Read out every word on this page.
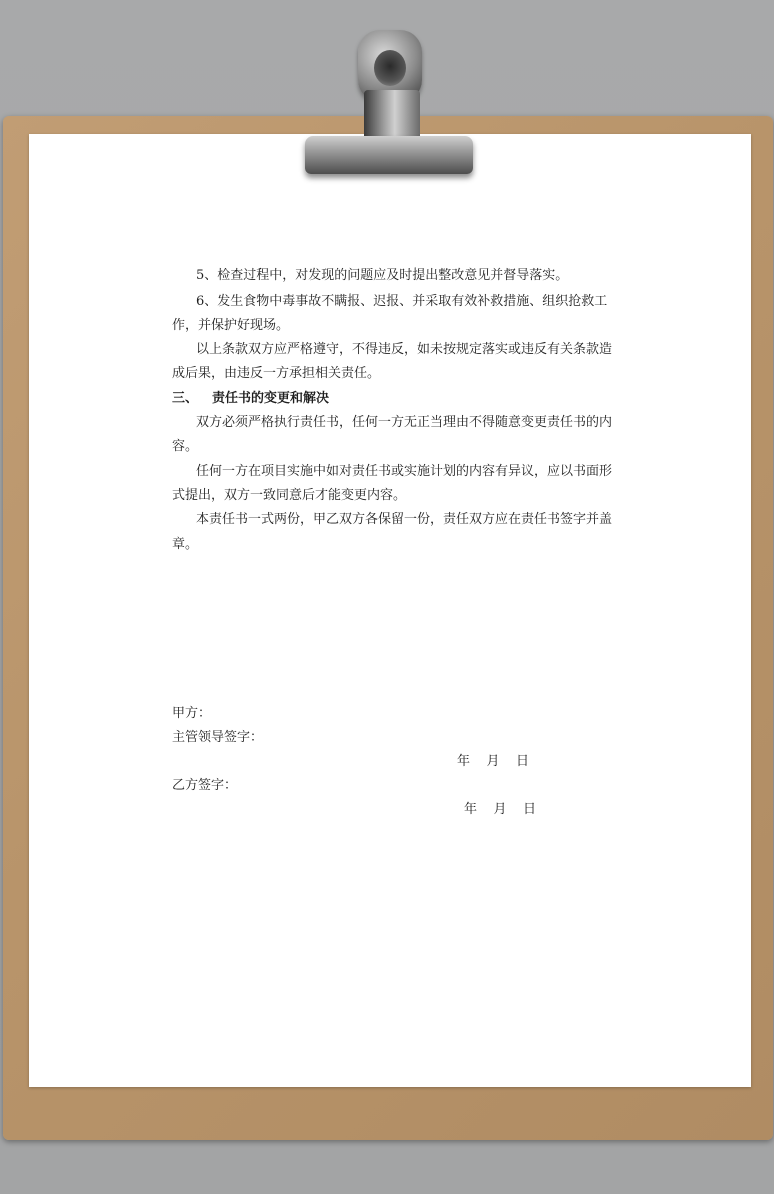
5、检查过程中，对发现的问题应及时提出整改意见并督导落实。

6、发生食物中毒事故不瞒报、迟报、并采取有效补救措施、组织抢救工

作，并保护好现场。

以上条款双方应严格遵守，不得违反，如未按规定落实或违反有关条款造

成后果，由违反一方承担相关责任。

三、 责任书的变更和解决

双方必须严格执行责任书，任何一方无正当理由不得随意变更责任书的内

容。

任何一方在项目实施中如对责任书或实施计划的内容有异议，应以书面形

式提出，双方一致同意后才能变更内容。

本责任书一式两份，甲乙双方各保留一份，责任双方应在责任书签字并盖

章。

甲方：

主管领导签字：

年    月    日

乙方签字：

年    月    日
